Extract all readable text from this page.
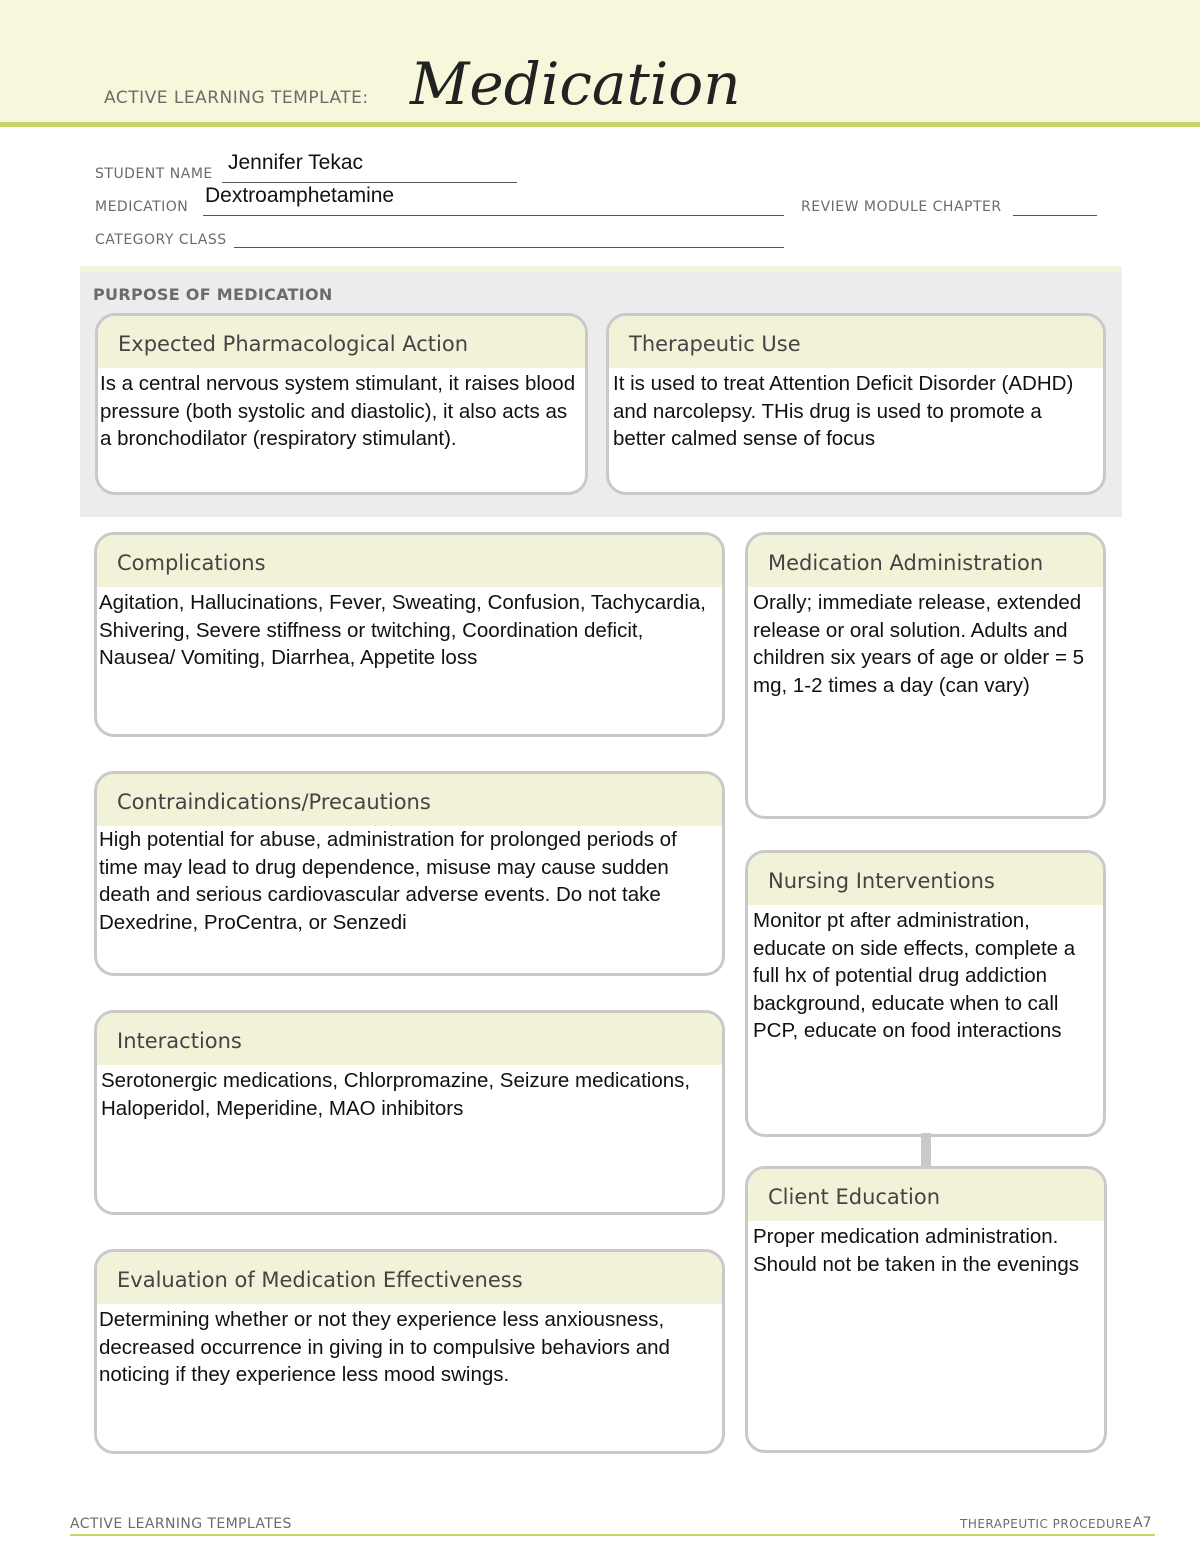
ACTIVE LEARNING TEMPLATE: Medication
STUDENT NAME Jennifer Tekac
MEDICATION Dextroamphetamine	REVIEW MODULE CHAPTER
CATEGORY CLASS
PURPOSE OF MEDICATION
Expected Pharmacological Action
Is a central nervous system stimulant, it raises blood pressure (both systolic and diastolic), it also acts as a bronchodilator (respiratory stimulant).
Therapeutic Use
It is used to treat Attention Deficit Disorder (ADHD) and narcolepsy. THis drug is used to promote a better calmed sense of focus
Complications
Agitation, Hallucinations, Fever, Sweating, Confusion, Tachycardia, Shivering, Severe stiffness or twitching, Coordination deficit, Nausea/ Vomiting, Diarrhea, Appetite loss
Contraindications/Precautions
High potential for abuse, administration for prolonged periods of time may lead to drug dependence, misuse may cause sudden death and serious cardiovascular adverse events. Do not take Dexedrine, ProCentra, or Senzedi
Interactions
Serotonergic medications, Chlorpromazine, Seizure medications, Haloperidol, Meperidine, MAO inhibitors
Evaluation of Medication Effectiveness
Determining whether or not they experience less anxiousness, decreased occurrence in giving in to compulsive behaviors and noticing if they experience less mood swings.
Medication Administration
Orally; immediate release, extended release or oral solution. Adults and children six years of age or older = 5 mg, 1-2 times a day (can vary)
Nursing Interventions
Monitor pt after administration, educate on side effects, complete a full hx of potential drug addiction background, educate when to call PCP, educate on food interactions
Client Education
Proper medication administration. Should not be taken in the evenings
ACTIVE LEARNING TEMPLATES	THERAPEUTIC PROCEDURE A7
